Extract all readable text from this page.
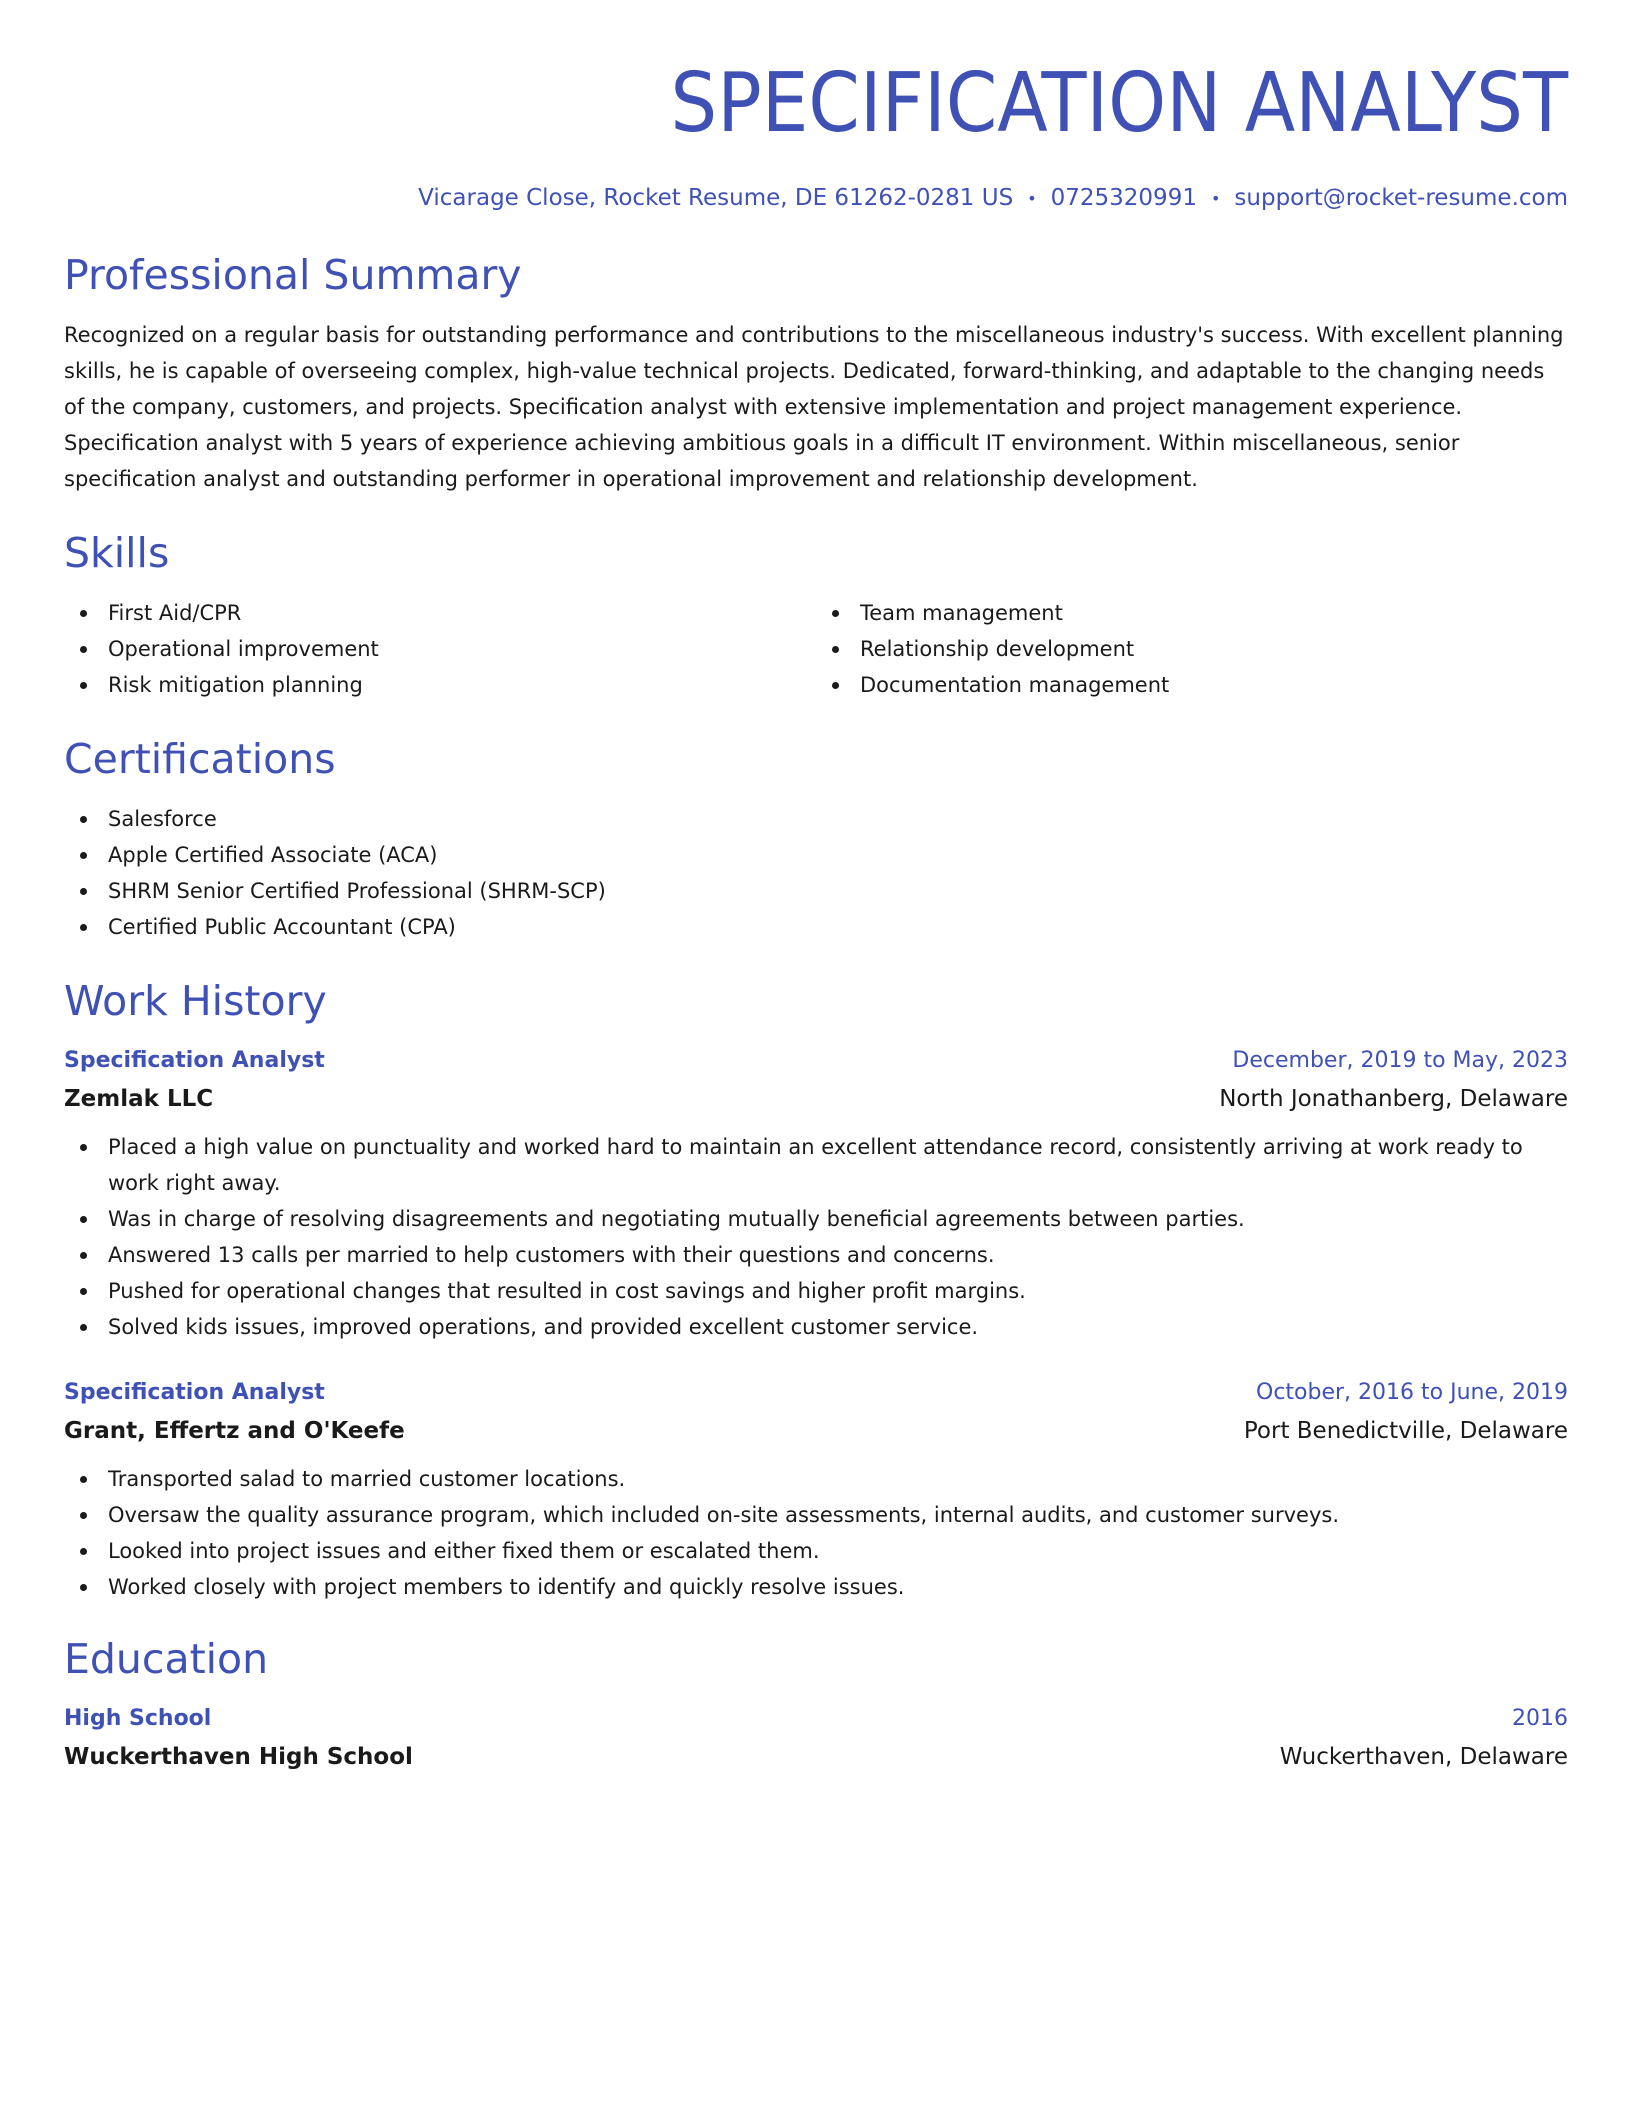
SPECIFICATION ANALYST
Vicarage Close, Rocket Resume, DE 61262-0281 US • 0725320991 • support@rocket-resume.com
Professional Summary

Recognized on a regular basis for outstanding performance and contributions to the miscellaneous industry's success. With excellent planning skills, he is capable of overseeing complex, high-value technical projects. Dedicated, forward-thinking, and adaptable to the changing needs of the company, customers, and projects. Specification analyst with extensive implementation and project management experience. Specification analyst with 5 years of experience achieving ambitious goals in a difficult IT environment. Within miscellaneous, senior specification analyst and outstanding performer in operational improvement and relationship development.

Skills
First Aid/CPR
Operational improvement
Risk mitigation planning
Team management
Relationship development
Documentation management
Certifications
Salesforce
Apple Certified Associate (ACA)
SHRM Senior Certified Professional (SHRM-SCP)
Certified Public Accountant (CPA)
Work History
Specification Analyst	December, 2019 to May, 2023
Zemlak LLC	North Jonathanberg, Delaware
Placed a high value on punctuality and worked hard to maintain an excellent attendance record, consistently arriving at work ready to work right away.
Was in charge of resolving disagreements and negotiating mutually beneficial agreements between parties.
Answered 13 calls per married to help customers with their questions and concerns.
Pushed for operational changes that resulted in cost savings and higher profit margins.
Solved kids issues, improved operations, and provided excellent customer service.
Specification Analyst	October, 2016 to June, 2019
Grant, Effertz and O'Keefe	Port Benedictville, Delaware
Transported salad to married customer locations.
Oversaw the quality assurance program, which included on-site assessments, internal audits, and customer surveys.
Looked into project issues and either fixed them or escalated them.
Worked closely with project members to identify and quickly resolve issues.
Education
High School	2016
Wuckerthaven High School	Wuckerthaven, Delaware
